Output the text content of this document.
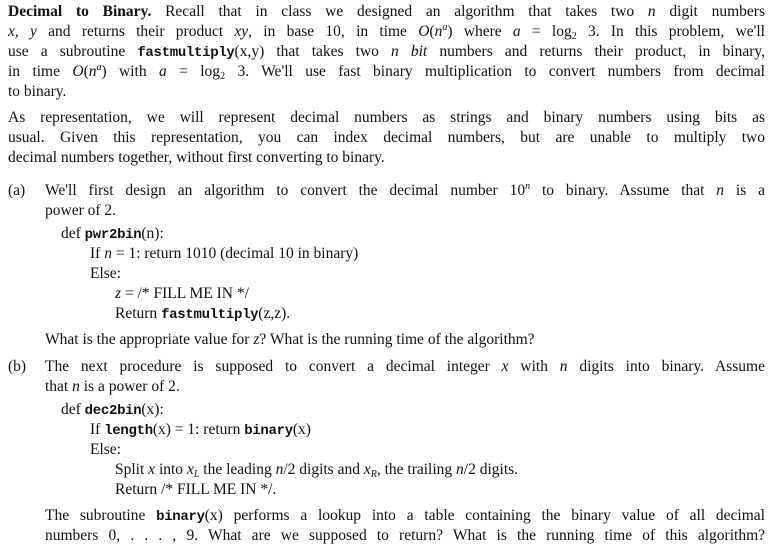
(a)
(b)
Decimal to Binary. Recall that in class we designed an algorithm that takes two n digit numbers
x, y and returns their product xy, in base 10, in time $O(n^a)$ where $a = \log_2 3$. In this problem, we'll
use a subroutine fastmultiply(x,y) that takes two n bit numbers and returns their product, in binary,
in time $O(n^a)$ with $a = \log_2 3$. We'll use fast binary multiplication to convert numbers from decimal
to binary.
As representation, we will represent decimal numbers as strings and binary numbers using bits as
usual. Given this representation, you can index decimal numbers, but are unable to multiply two
decimal numbers together, without first converting to binary.
We'll first design an algorithm to convert the decimal number 10$^n$ to binary. Assume that n is a
power of 2.
def pwr2bin(n):
If n = 1: return 1010 (decimal 10 in binary)
Else:
z = /* FILL ME IN */
Return fastmultiply(z,z).
What is the appropriate value for z? What is the running time of the algorithm?
The next procedure is supposed to convert a decimal integer x with n digits into binary. Assume
that n is a power of 2.
def dec2bin(x):
If length(x) = 1: return binary(x)
Else:
Split x into xL the leading n/2 digits and xR, the trailing n/2 digits.
Return /* FILL ME IN */.
The subroutine binary(x) performs a lookup into a table containing the binary value of all decimal
numbers 0, . . . , 9. What are we supposed to return? What is the running time of this algorithm?
